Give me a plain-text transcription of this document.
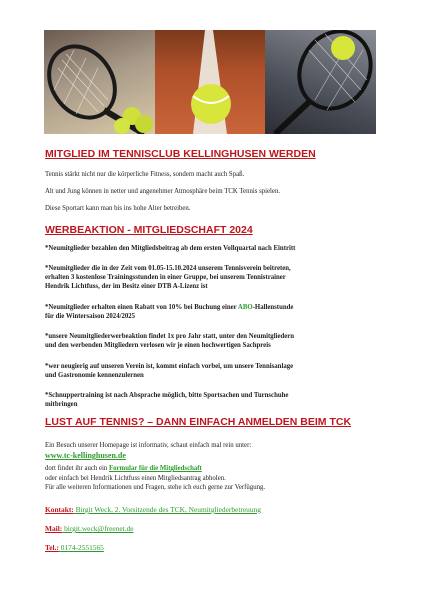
MITGLIED IM TENNISCLUB KELLINGHUSEN WERDEN
Tennis stärkt nicht nur die körperliche Fitness, sondern macht auch Spaß.
Alt und Jung können in netter und angenehmer Atmosphäre beim TCK Tennis spielen.
Diese Sportart kann man bis ins hohe Alter betreiben.
WERBEAKTION - MITGLIEDSCHAFT 2024
*Neumitglieder bezahlen den Mitgliedsbeitrag ab dem ersten Vollquartal nach Eintritt
*Neumitglieder die in der Zeit vom 01.05-15.10.2024 unserem Tennisverein beitreten,
erhalten 3 kostenlose Trainingsstunden in einer Gruppe, bei unserem Tennistrainer
Hendrik Lichtfuss, der im Besitz einer DTB A-Lizenz ist
*Neumitglieder erhalten einen Rabatt von 10% bei Buchung einer ABO-Hallenstunde
für die Wintersaison 2024/2025
*unsere Neumitgliederwerbeaktion findet 1x pro Jahr statt, unter den Neumitgliedern
und den werbenden Mitgliedern verlosen wir je einen hochwertigen Sachpreis
*wer neugierig auf unseren Verein ist, kommt einfach vorbei, um unsere Tennisanlage
und Gastronomie kennenzulernen
*Schnuppertraining ist nach Absprache möglich, bitte Sportsachen und Turnschuhe
mitbringen
LUST AUF TENNIS? – DANN EINFACH ANMELDEN BEIM TCK
Ein Besuch unserer Homepage ist informativ, schaut einfach mal rein unter:
www.tc-kellinghusen.de
dort findet ihr auch ein Formular für die Mitgliedschaft
oder einfach bei Hendrik Lichtfuss einen Mitgliedsantrag abholen.
Für alle weiteren Informationen und Fragen, stehe ich euch gerne zur Verfügung.
Kontakt: Birgit Weck, 2. Vorsitzende des TCK, Neumitgliederbetreuung
Mail: birgit.weck@freenet.de
Tel.: 0174-2551565
